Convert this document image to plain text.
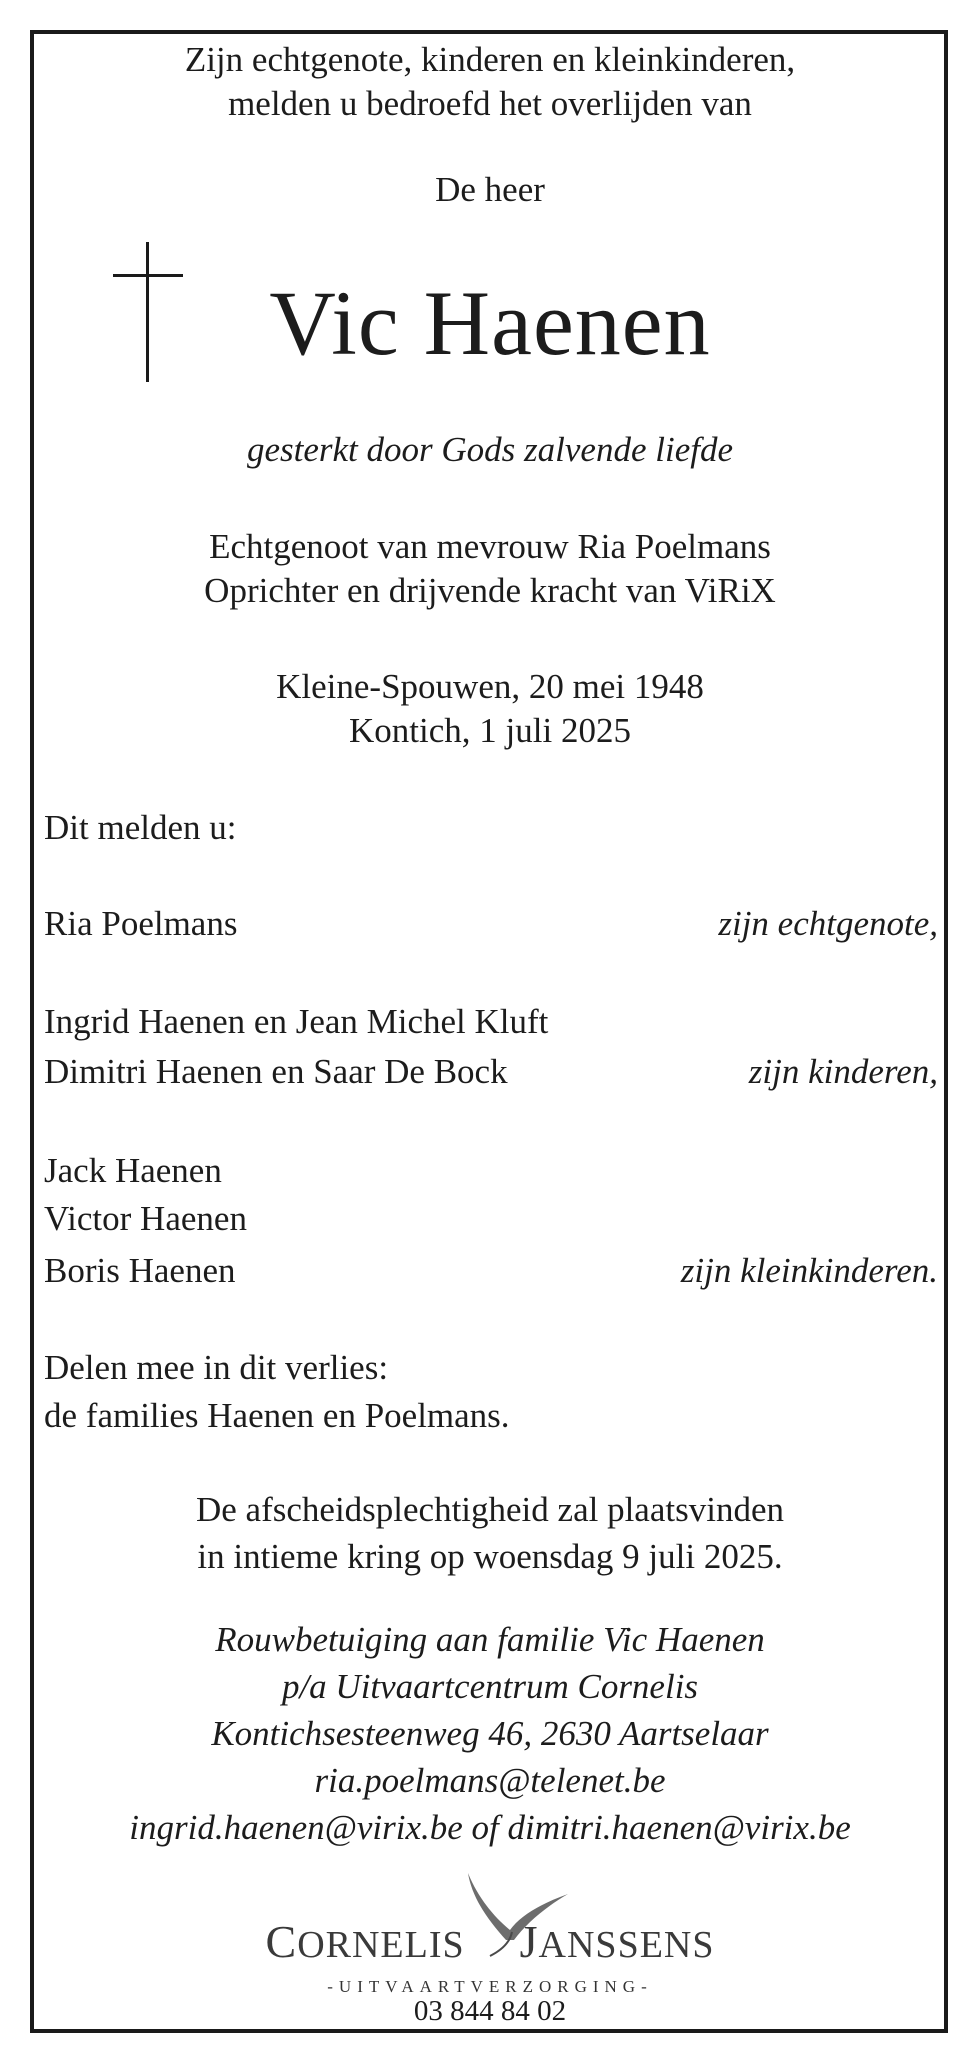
Zijn echtgenote, kinderen en kleinkinderen,
melden u bedroefd het overlijden van
De heer
Vic Haenen
gesterkt door Gods zalvende liefde
Echtgenoot van mevrouw Ria Poelmans
Oprichter en drijvende kracht van ViRiX
Kleine-Spouwen, 20 mei 1948
Kontich, 1 juli 2025
Dit melden u:
Ria Poelmans	zijn echtgenote,
Ingrid Haenen en Jean Michel Kluft
Dimitri Haenen en Saar De Bock	zijn kinderen,
Jack Haenen
Victor Haenen
Boris Haenen	zijn kleinkinderen.
Delen mee in dit verlies:
de families Haenen en Poelmans.
De afscheidsplechtigheid zal plaatsvinden
in intieme kring op woensdag 9 juli 2025.
Rouwbetuiging aan familie Vic Haenen
p/a Uitvaartcentrum Cornelis
Kontichsesteenweg 46, 2630 Aartselaar
ria.poelmans@telenet.be
ingrid.haenen@virix.be of dimitri.haenen@virix.be
CORNELIS JANSSENS
-UITVAARTVERZORGING-
03 844 84 02
